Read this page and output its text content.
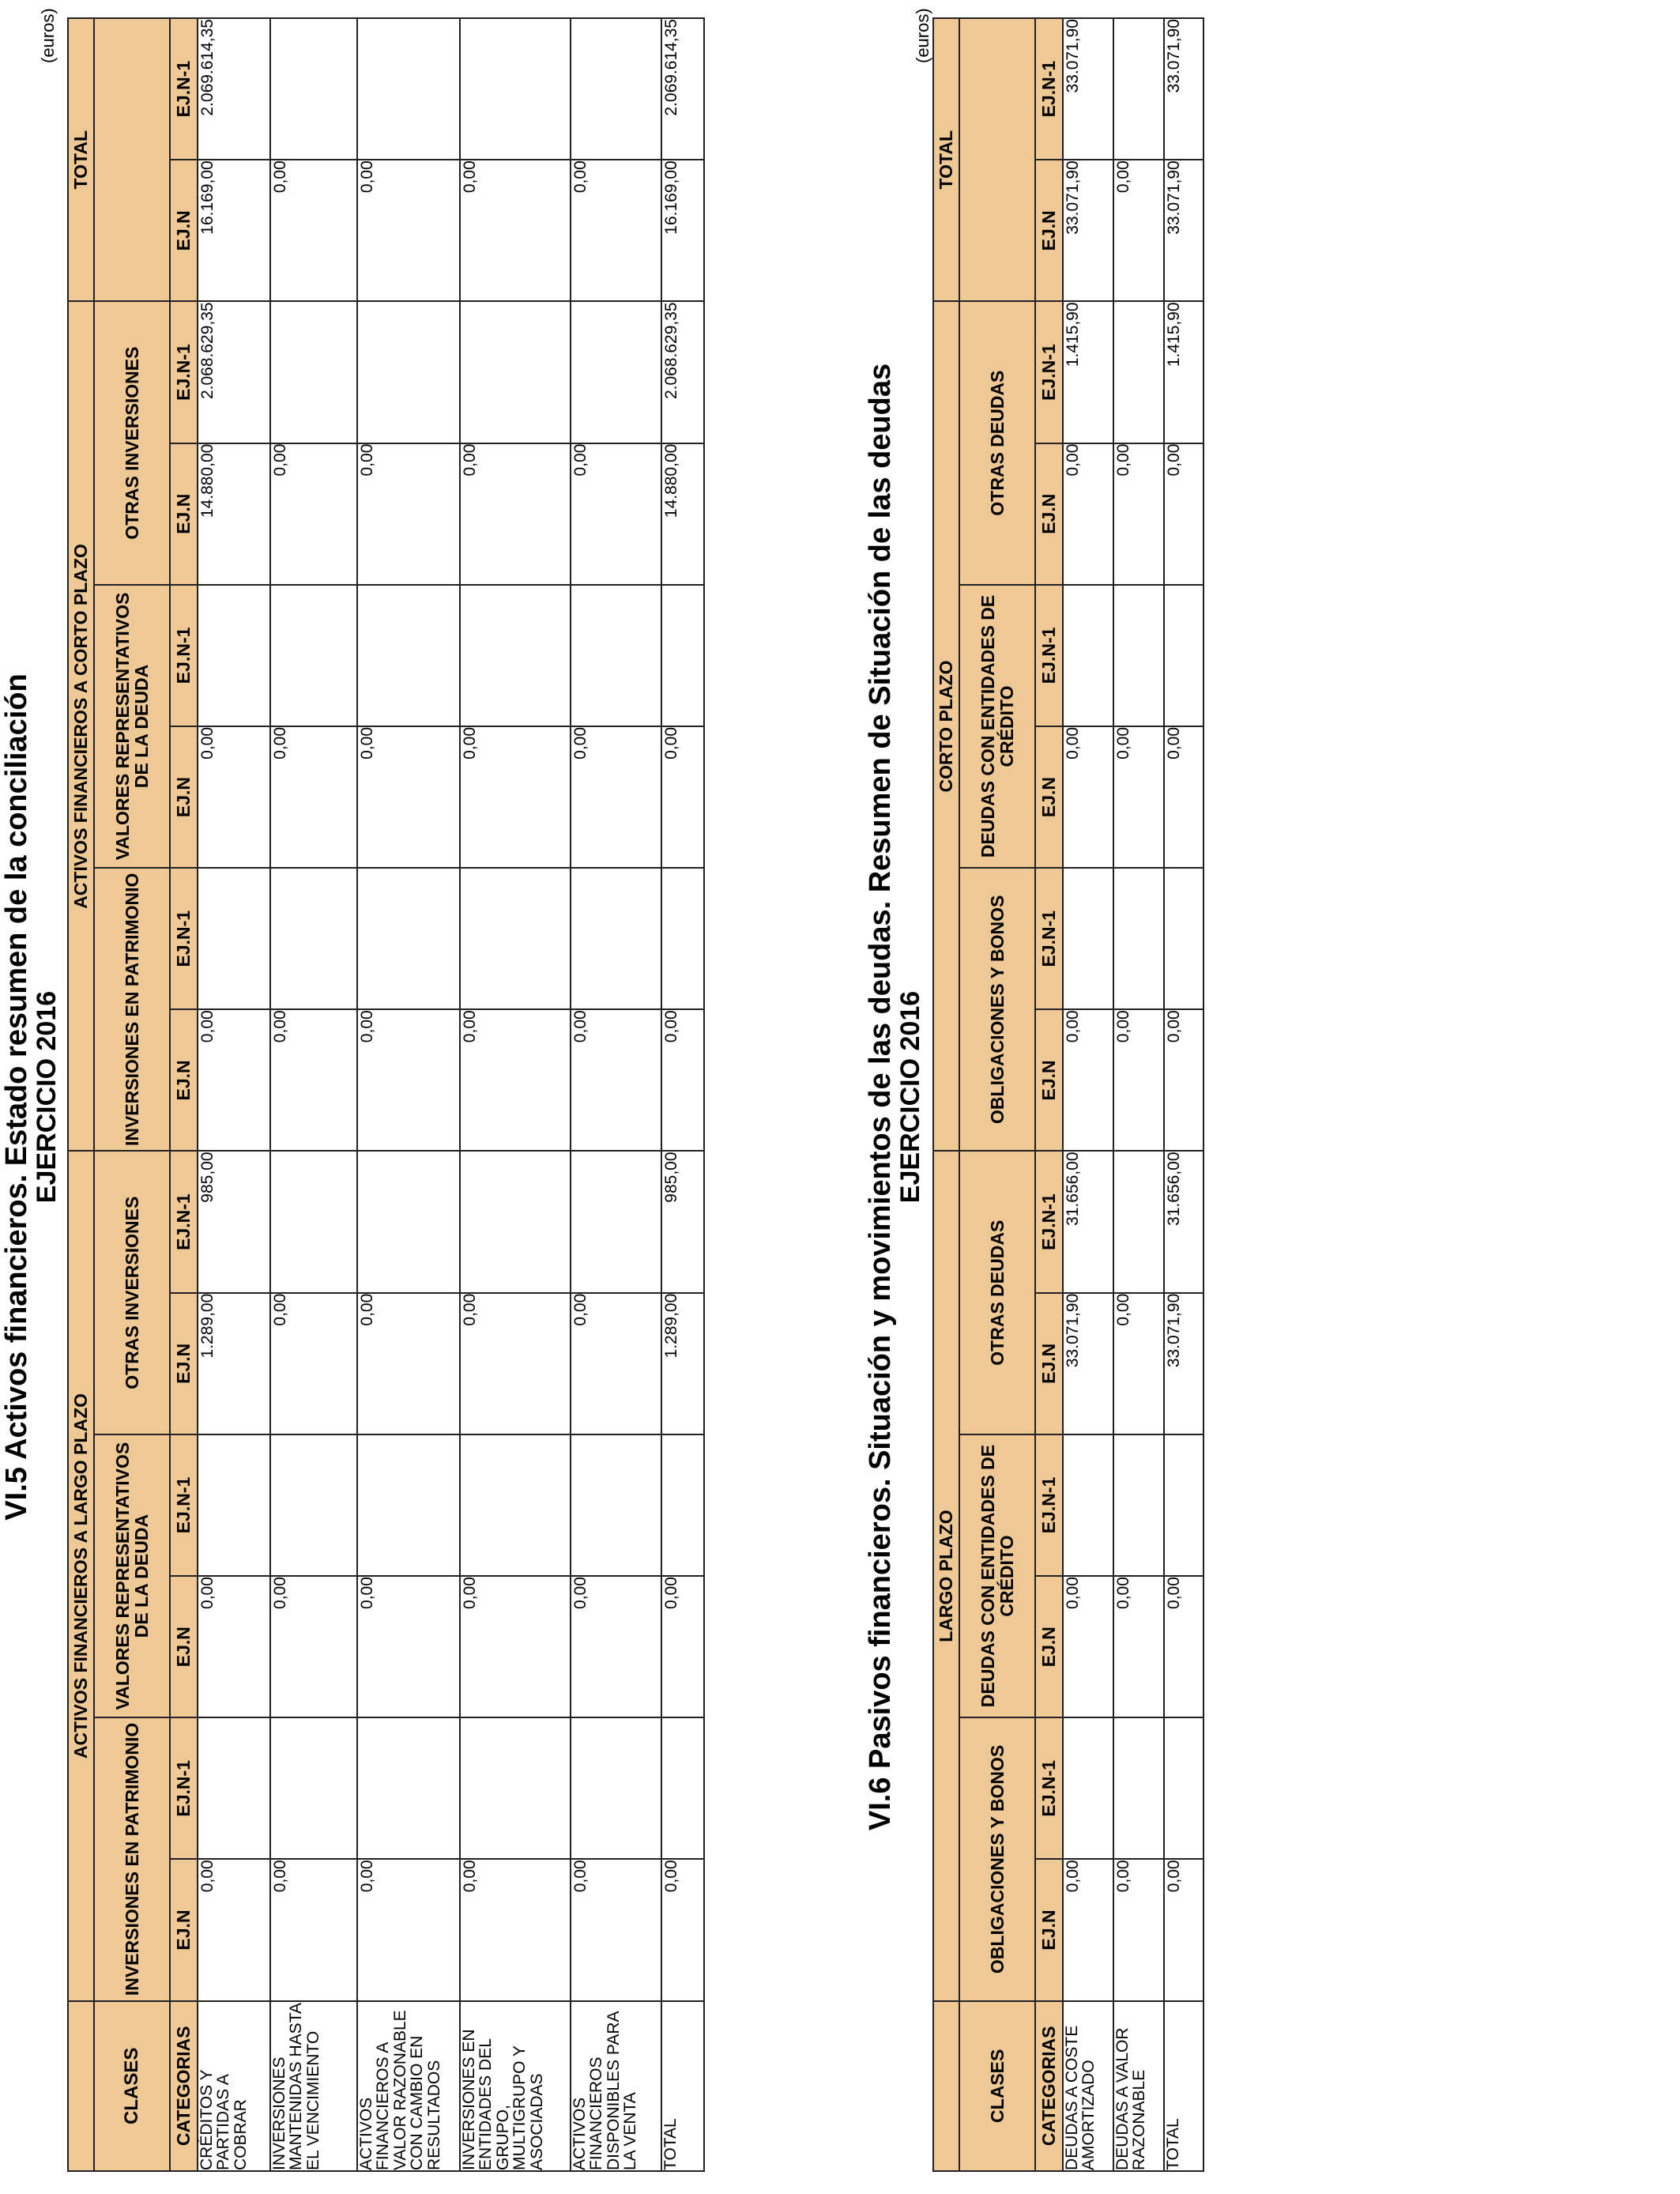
VI.5 Activos financieros. Estado resumen de la conciliación
EJERCICIO 2016
(euros)
	ACTIVOS FINANCIEROS A LARGO PLAZO						ACTIVOS FINANCIEROS A CORTO PLAZO						TOTAL	
CLASES	INVERSIONES EN PATRIMONIO		VALORES REPRESENTATIVOS DE LA DEUDA		OTRAS INVERSIONES		INVERSIONES EN PATRIMONIO		VALORES REPRESENTATIVOS DE LA DEUDA		OTRAS INVERSIONES			
CATEGORIAS	EJ.N	EJ.N-1	EJ.N	EJ.N-1	EJ.N	EJ.N-1	EJ.N	EJ.N-1	EJ.N	EJ.N-1	EJ.N	EJ.N-1	EJ.N	EJ.N-1
CRÉDITOS Y PARTIDAS A COBRAR	0,00		0,00		1.289,00	985,00	0,00		0,00		14.880,00	2.068.629,35	16.169,00	2.069.614,35
INVERSIONES MANTENIDAS HASTA EL VENCIMIENTO	0,00		0,00		0,00		0,00		0,00		0,00		0,00	
ACTIVOS FINANCIEROS A VALOR RAZONABLE CON CAMBIO EN RESULTADOS	0,00		0,00		0,00		0,00		0,00		0,00		0,00	
INVERSIONES EN ENTIDADES DEL GRUPO, MULTIGRUPO Y ASOCIADAS	0,00		0,00		0,00		0,00		0,00		0,00		0,00	
ACTIVOS FINANCIEROS DISPONIBLES PARA LA VENTA	0,00		0,00		0,00		0,00		0,00		0,00		0,00	
TOTAL	0,00		0,00		1.289,00	985,00	0,00		0,00		14.880,00	2.068.629,35	16.169,00	2.069.614,35
VI.6 Pasivos financieros. Situación y movimientos de las deudas. Resumen de Situación de las deudas
EJERCICIO 2016
(euros)
	LARGO PLAZO						CORTO PLAZO						TOTAL	
CLASES	OBLIGACIONES Y BONOS		DEUDAS CON ENTIDADES DE CRÉDITO		OTRAS DEUDAS		OBLIGACIONES Y BONOS		DEUDAS CON ENTIDADES DE CRÉDITO		OTRAS DEUDAS			
CATEGORIAS	EJ.N	EJ.N-1	EJ.N	EJ.N-1	EJ.N	EJ.N-1	EJ.N	EJ.N-1	EJ.N	EJ.N-1	EJ.N	EJ.N-1	EJ.N	EJ.N-1
DEUDAS A COSTE AMORTIZADO	0,00		0,00		33.071,90	31.656,00	0,00		0,00		0,00	1.415,90	33.071,90	33.071,90
DEUDAS A VALOR RAZONABLE	0,00		0,00		0,00		0,00		0,00		0,00		0,00	
TOTAL	0,00		0,00		33.071,90	31.656,00	0,00		0,00		0,00	1.415,90	33.071,90	33.071,90
